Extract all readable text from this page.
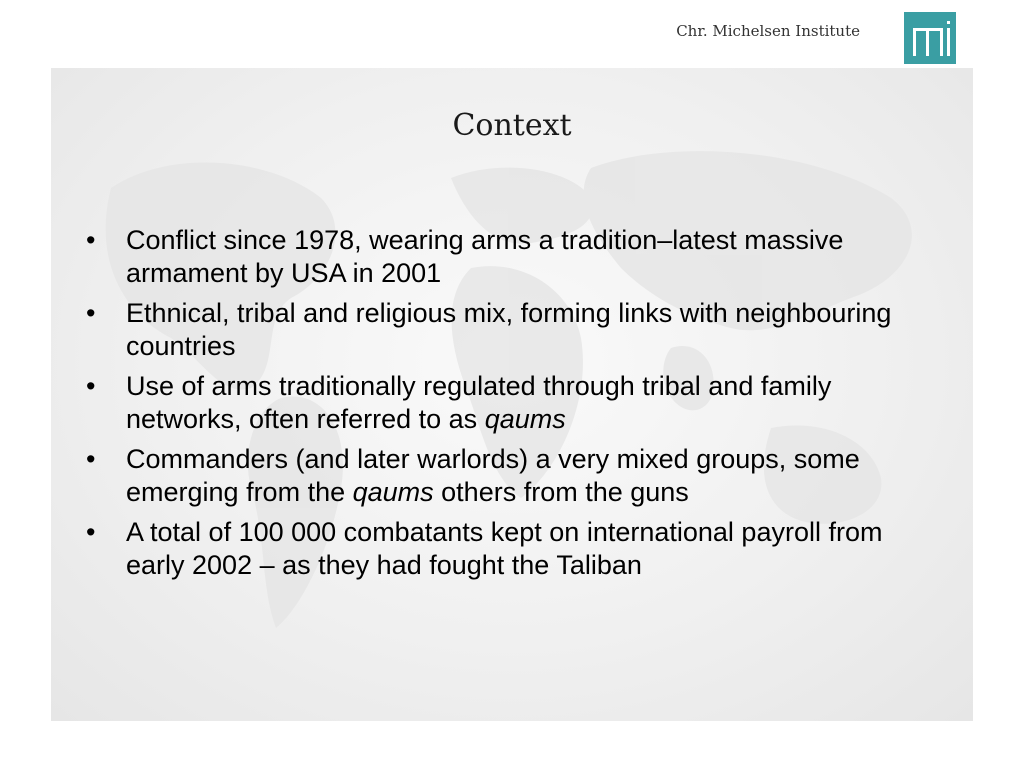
Chr. Michelsen Institute
Context
• Conflict since 1978, wearing arms a tradition–latest massive armament by USA in 2001
• Ethnical, tribal and religious mix, forming links with neighbouring countries
• Use of arms traditionally regulated through tribal and family networks, often referred to as qaums
• Commanders (and later warlords) a very mixed groups, some emerging from the qaums others from the guns
• A total of 100 000 combatants kept on international payroll from early 2002 – as they had fought the Taliban
